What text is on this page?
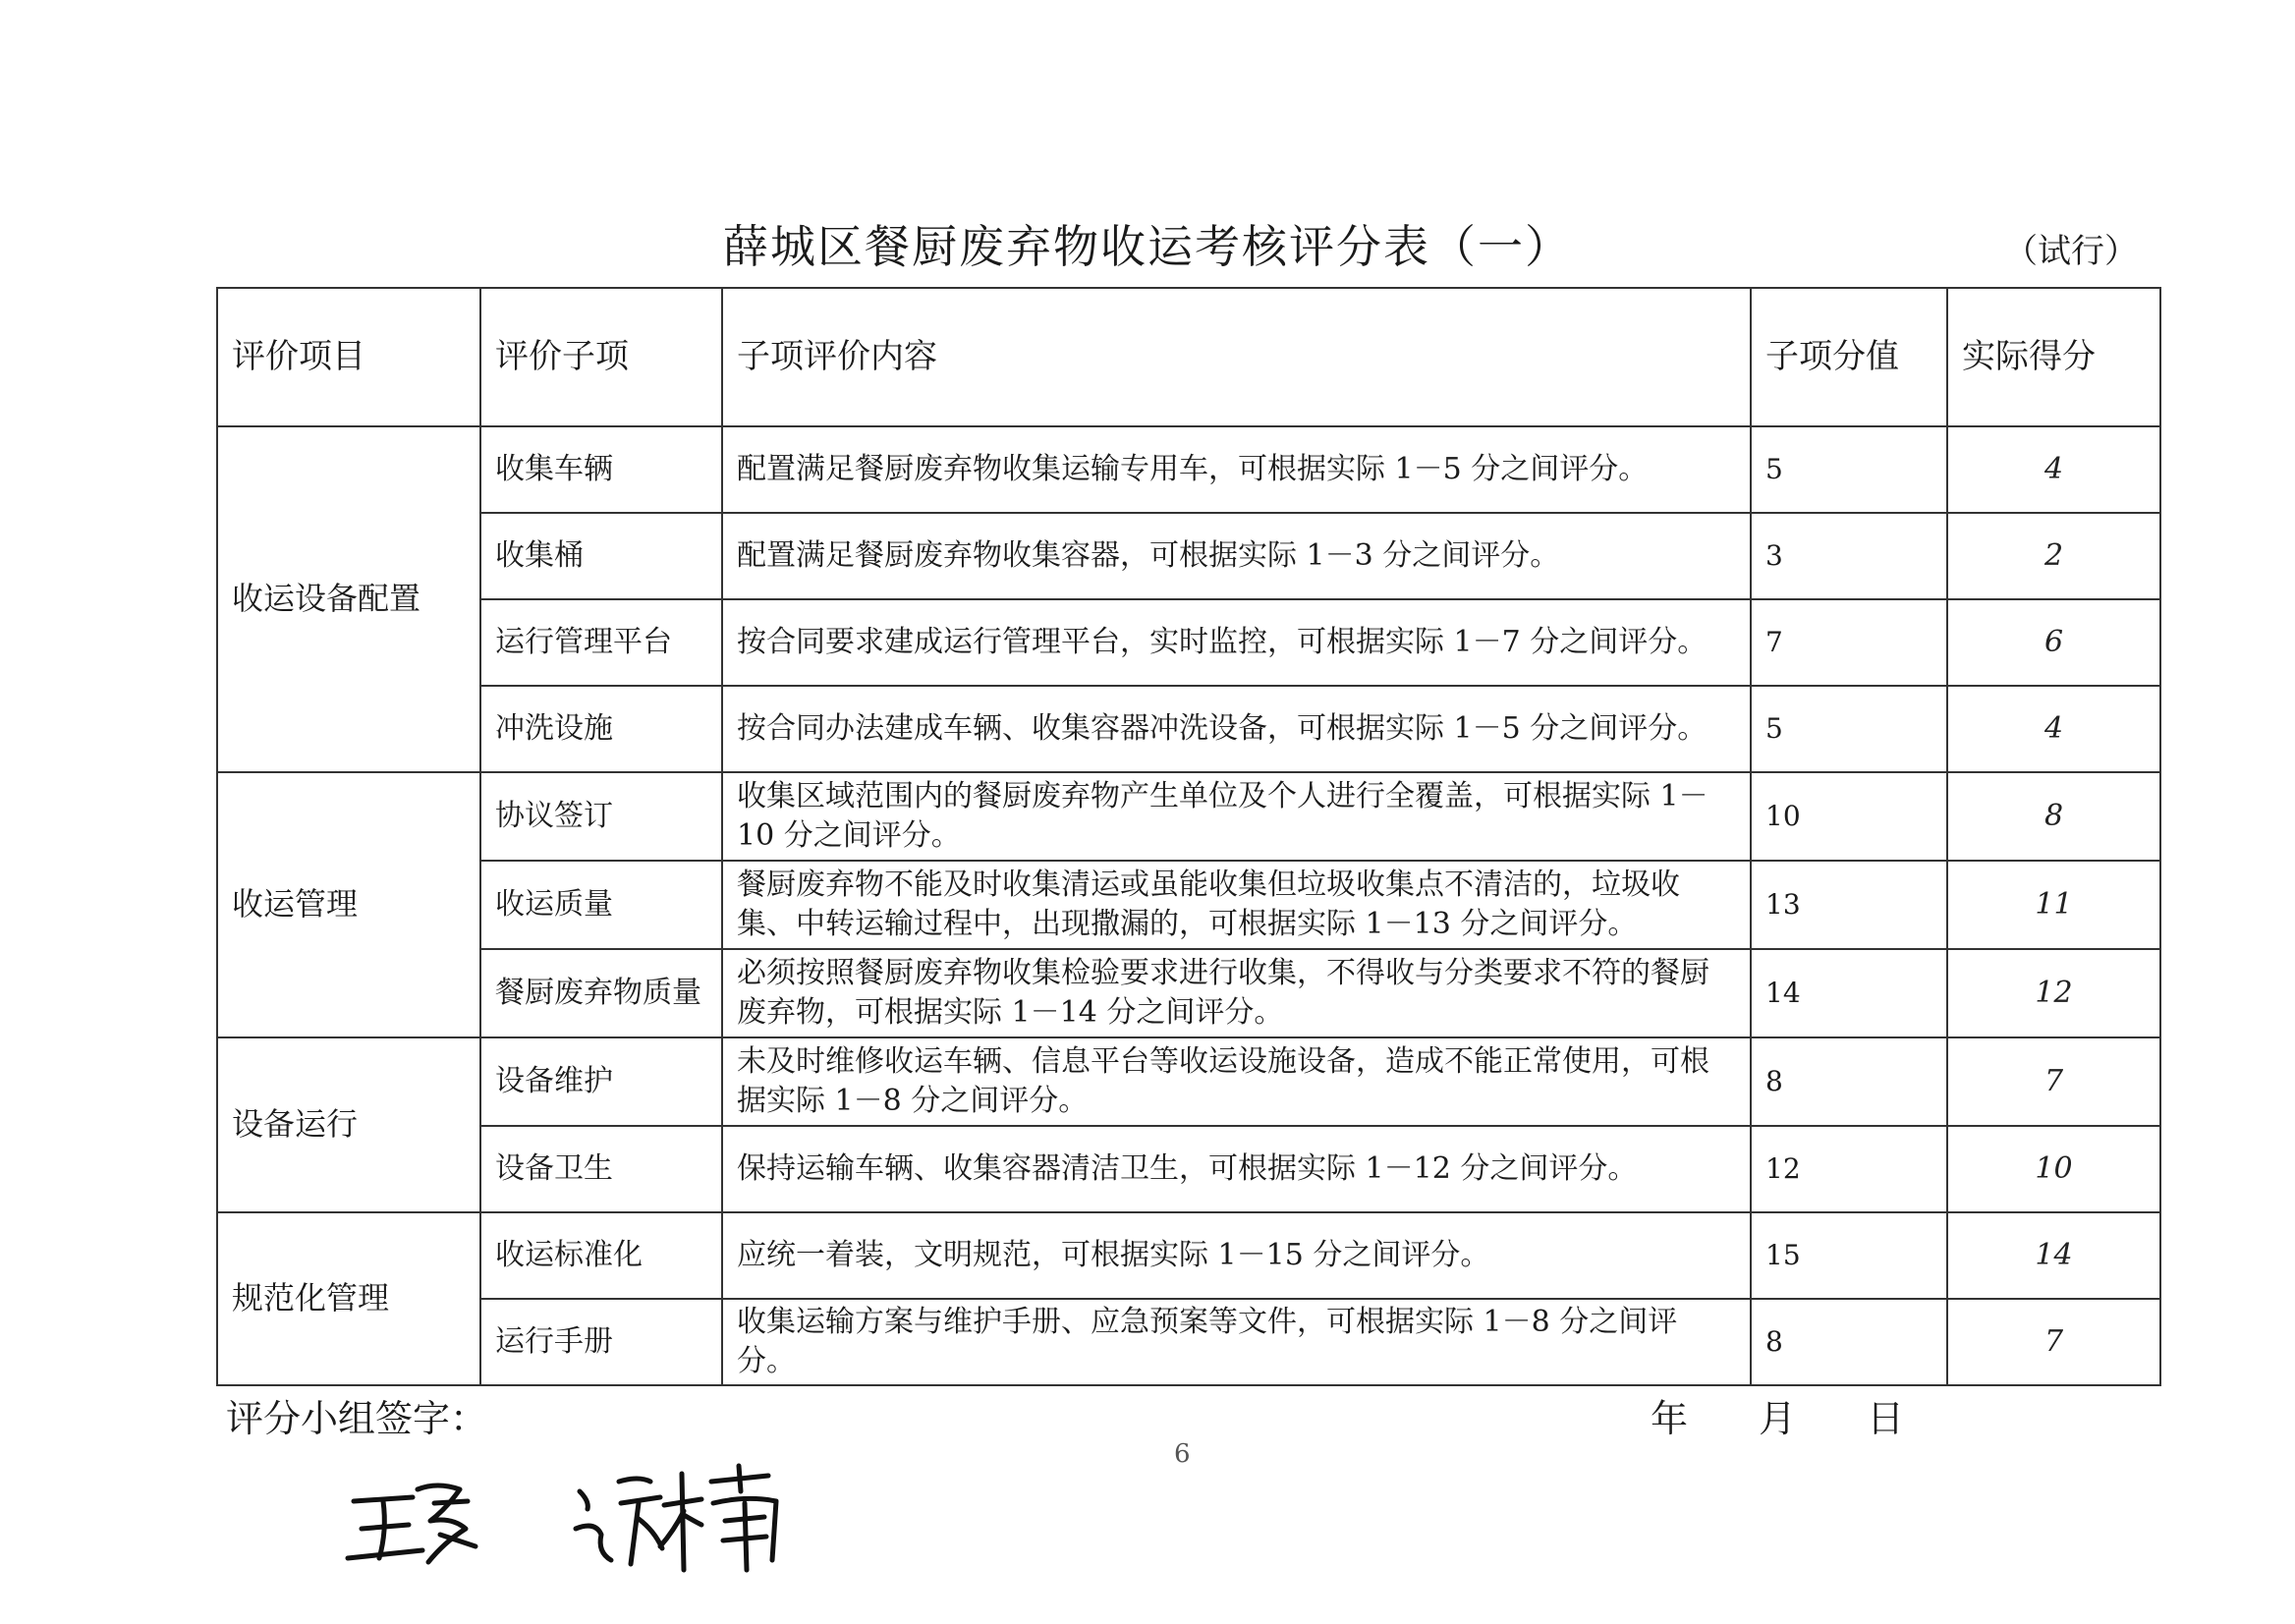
薛城区餐厨废弃物收运考核评分表（一）	（试行）
评价项目	评价子项	子项评价内容	子项分值	实际得分
收运设备配置	收集车辆	配置满足餐厨废弃物收集运输专用车，可根据实际 1－5 分之间评分。	5	4
	收集桶	配置满足餐厨废弃物收集容器，可根据实际 1－3 分之间评分。	3	2
	运行管理平台	按合同要求建成运行管理平台，实时监控，可根据实际 1－7 分之间评分。	7	6
	冲洗设施	按合同办法建成车辆、收集容器冲洗设备，可根据实际 1－5 分之间评分。	5	4
收运管理	协议签订	收集区域范围内的餐厨废弃物产生单位及个人进行全覆盖，可根据实际 1－10 分之间评分。	10	8
	收运质量	餐厨废弃物不能及时收集清运或虽能收集但垃圾收集点不清洁的，垃圾收集、中转运输过程中，出现撒漏的，可根据实际 1－13 分之间评分。	13	11
	餐厨废弃物质量	必须按照餐厨废弃物收集检验要求进行收集，不得收与分类要求不符的餐厨废弃物，可根据实际 1－14 分之间评分。	14	12
设备运行	设备维护	未及时维修收运车辆、信息平台等收运设施设备，造成不能正常使用，可根据实际 1－8 分之间评分。	8	7
	设备卫生	保持运输车辆、收集容器清洁卫生，可根据实际 1－12 分之间评分。	12	10
规范化管理	收运标准化	应统一着装，文明规范，可根据实际 1－15 分之间评分。	15	14
	运行手册	收集运输方案与维护手册、应急预案等文件，可根据实际 1－8 分之间评分。	8	7
评分小组签字：	年 月 日
6
